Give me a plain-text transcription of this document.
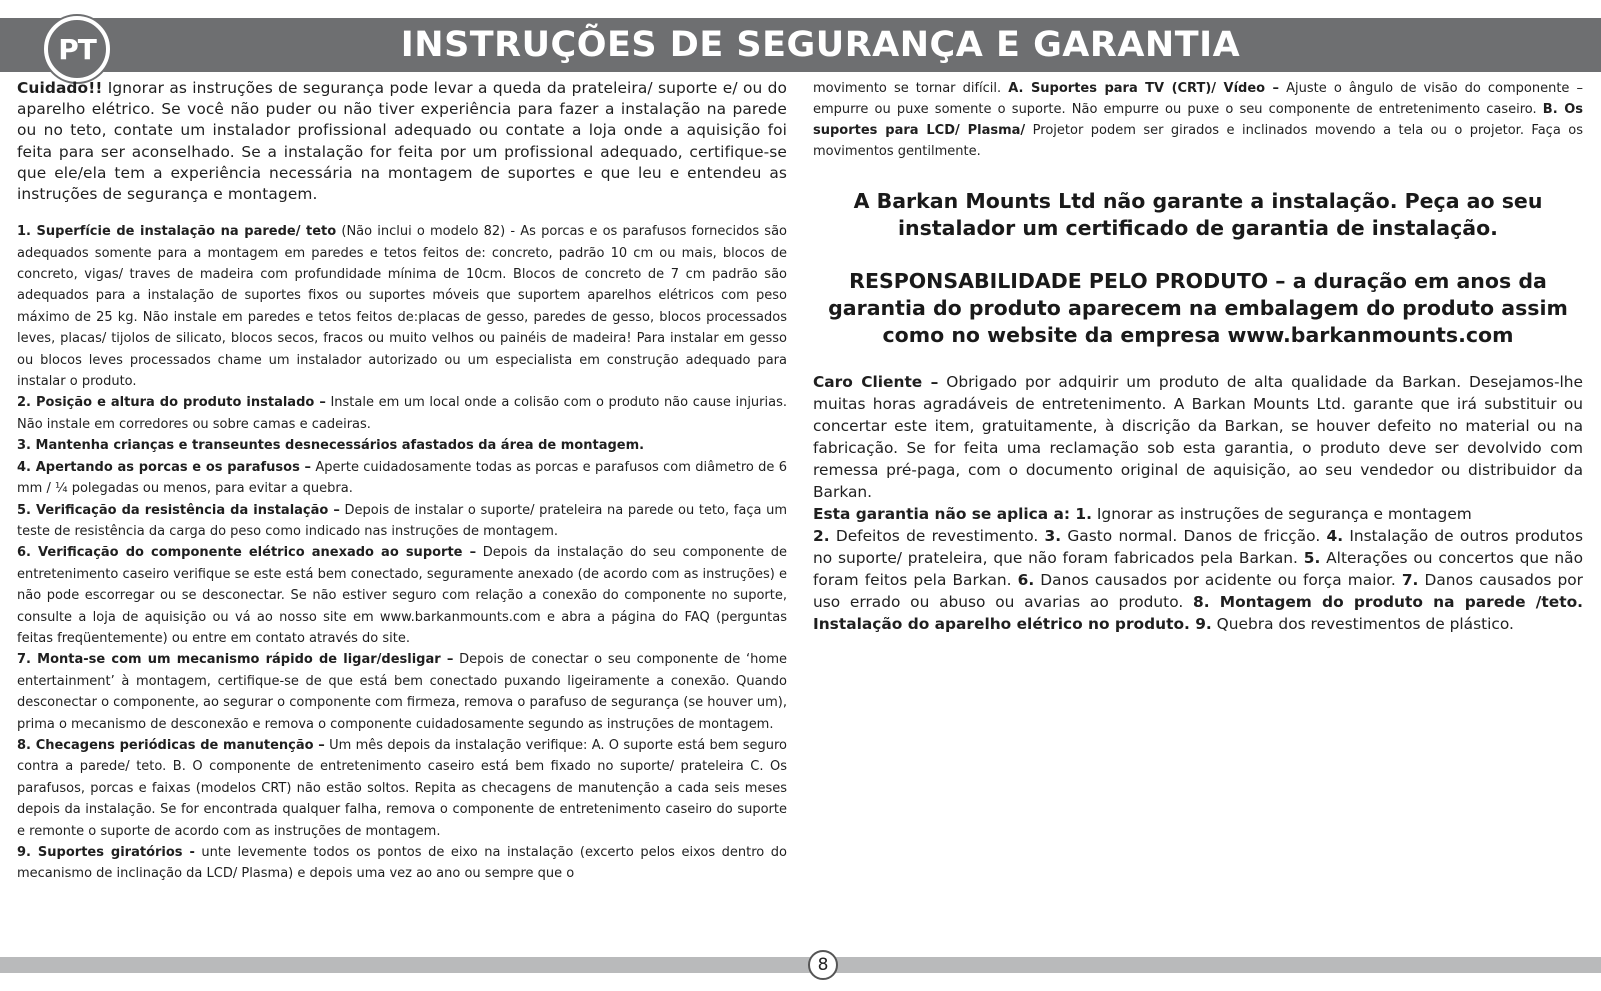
INSTRUÇÕES DE SEGURANÇA E GARANTIA
PT

Cuidado!! Ignorar as instruções de segurança pode levar a queda da prateleira/ suporte e/ ou do aparelho elétrico. Se você não puder ou não tiver experiência para fazer a instalação na parede ou no teto, contate um instalador profissional adequado ou contate a loja onde a aquisição foi feita para ser aconselhado. Se a instalação for feita por um profissional adequado, certifique-se que ele/ela tem a experiência necessária na montagem de suportes e que leu e entendeu as instruções de segurança e montagem.

1. Superfície de instalação na parede/ teto (Não inclui o modelo 82) - As porcas e os parafusos fornecidos são adequados somente para a montagem em paredes e tetos feitos de: concreto, padrão 10 cm ou mais, blocos de concreto, vigas/ traves de madeira com profundidade mínima de 10cm. Blocos de concreto de 7 cm padrão são adequados para a instalação de suportes fixos ou suportes móveis que suportem aparelhos elétricos com peso máximo de 25 kg. Não instale em paredes e tetos feitos de:placas de gesso, paredes de gesso, blocos processados leves, placas/ tijolos de silicato, blocos secos, fracos ou muito velhos ou painéis de madeira! Para instalar em gesso ou blocos leves processados chame um instalador autorizado ou um especialista em construção adequado para instalar o produto.

2. Posição e altura do produto instalado – Instale em um local onde a colisão com o produto não cause injurias. Não instale em corredores ou sobre camas e cadeiras.

3. Mantenha crianças e transeuntes desnecessários afastados da área de montagem.

4. Apertando as porcas e os parafusos – Aperte cuidadosamente todas as porcas e parafusos com diâmetro de 6 mm / ¼ polegadas ou menos, para evitar a quebra.

5. Verificação da resistência da instalação – Depois de instalar o suporte/ prateleira na parede ou teto, faça um teste de resistência da carga do peso como indicado nas instruções de montagem.

6. Verificação do componente elétrico anexado ao suporte – Depois da instalação do seu componente de entretenimento caseiro verifique se este está bem conectado, seguramente anexado (de acordo com as instruções) e não pode escorregar ou se desconectar. Se não estiver seguro com relação a conexão do componente no suporte, consulte a loja de aquisição ou vá ao nosso site em www.barkanmounts.com e abra a página do FAQ (perguntas feitas freqüentemente) ou entre em contato através do site.

7. Monta-se com um mecanismo rápido de ligar/desligar – Depois de conectar o seu componente de ‘home entertainment’ à montagem, certifique-se de que está bem conectado puxando ligeiramente a conexão. Quando desconectar o componente, ao segurar o componente com firmeza, remova o parafuso de segurança (se houver um), prima o mecanismo de desconexão e remova o componente cuidadosamente segundo as instruções de montagem.

8. Checagens periódicas de manutenção – Um mês depois da instalação verifique: A. O suporte está bem seguro contra a parede/ teto. B. O componente de entretenimento caseiro está bem fixado no suporte/ prateleira C. Os parafusos, porcas e faixas (modelos CRT) não estão soltos. Repita as checagens de manutenção a cada seis meses depois da instalação. Se for encontrada qualquer falha, remova o componente de entretenimento caseiro do suporte e remonte o suporte de acordo com as instruções de montagem.

9. Suportes giratórios - unte levemente todos os pontos de eixo na instalação (excerto pelos eixos dentro do mecanismo de inclinação da LCD/ Plasma) e depois uma vez ao ano ou sempre que o

movimento se tornar difícil. A. Suportes para TV (CRT)/ Vídeo – Ajuste o ângulo de visão do componente – empurre ou puxe somente o suporte. Não empurre ou puxe o seu componente de entretenimento caseiro. B. Os suportes para LCD/ Plasma/ Projetor podem ser girados e inclinados movendo a tela ou o projetor. Faça os movimentos gentilmente.

A Barkan Mounts Ltd não garante a instalação. Peça ao seu instalador um certificado de garantia de instalação.

RESPONSABILIDADE PELO PRODUTO – a duração em anos da garantia do produto aparecem na embalagem do produto assim como no website da empresa www.barkanmounts.com

Caro Cliente – Obrigado por adquirir um produto de alta qualidade da Barkan. Desejamos-lhe muitas horas agradáveis de entretenimento. A Barkan Mounts Ltd. garante que irá substituir ou concertar este item, gratuitamente, à discrição da Barkan, se houver defeito no material ou na fabricação. Se for feita uma reclamação sob esta garantia, o produto deve ser devolvido com remessa pré-paga, com o documento original de aquisição, ao seu vendedor ou distribuidor da Barkan.

Esta garantia não se aplica a: 1. Ignorar as instruções de segurança e montagem
2. Defeitos de revestimento. 3. Gasto normal. Danos de fricção. 4. Instalação de outros produtos no suporte/ prateleira, que não foram fabricados pela Barkan. 5. Alterações ou concertos que não foram feitos pela Barkan. 6. Danos causados por acidente ou força maior. 7. Danos causados por uso errado ou abuso ou avarias ao produto. 8. Montagem do produto na parede /teto. Instalação do aparelho elétrico no produto. 9. Quebra dos revestimentos de plástico.

8
